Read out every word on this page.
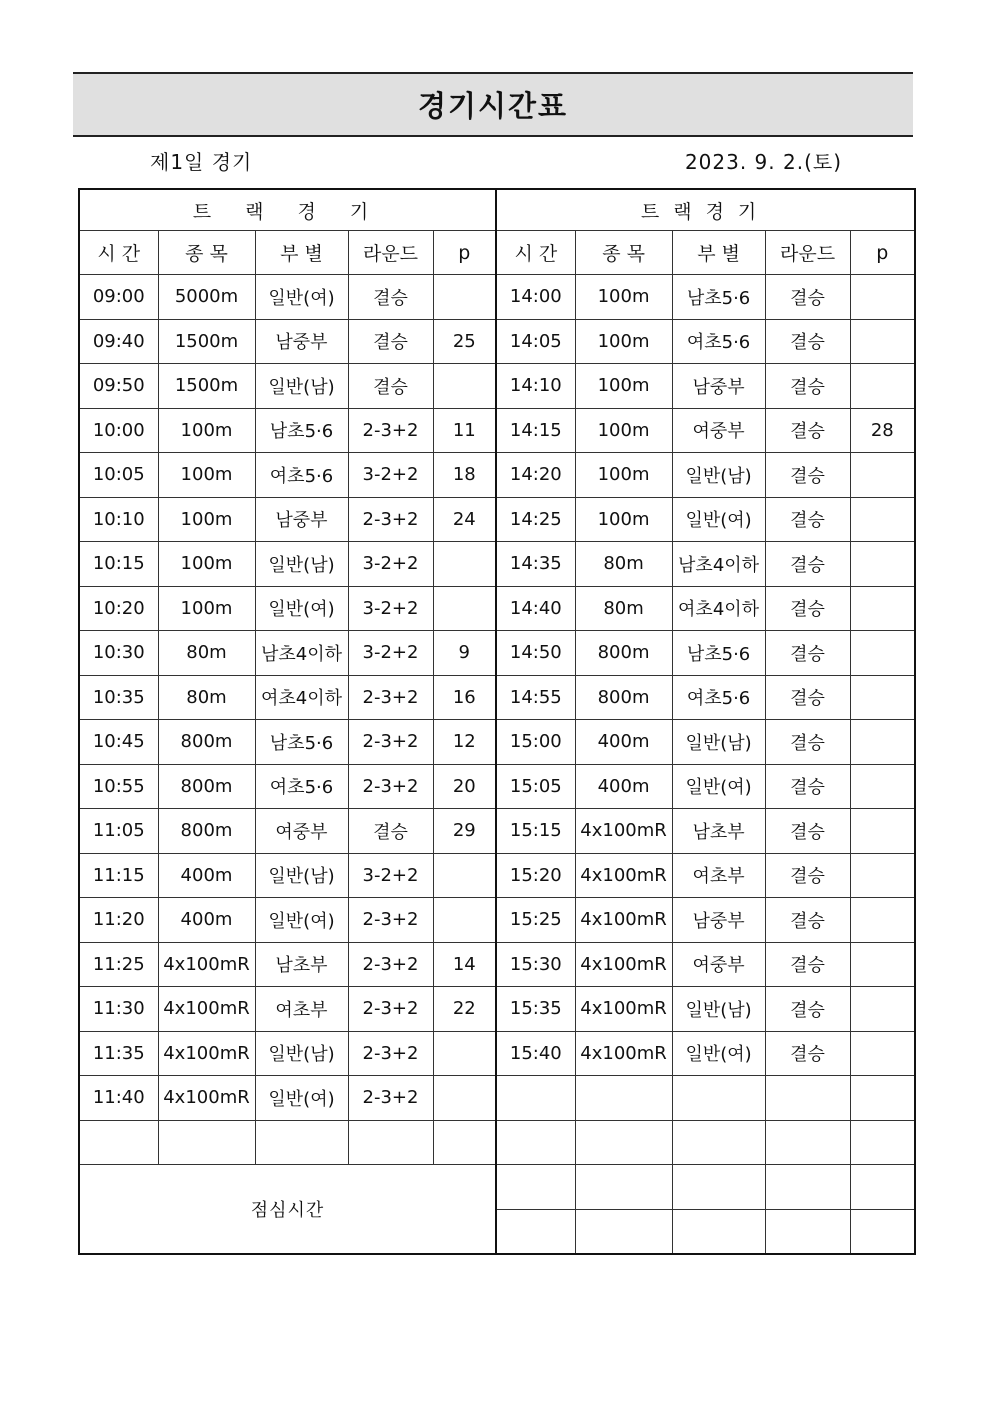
경기시간표
제1일 경기	2023. 9. 2.(토)
트 랙 경 기					트랙경기				
시 간	종 목	부 별	라운드	p	시 간	종 목	부 별	라운드	p
09:00	5000m	일반(여)	결승		14:00	100m	남초5·6	결승	
09:40	1500m	남중부	결승	25	14:05	100m	여초5·6	결승	
09:50	1500m	일반(남)	결승		14:10	100m	남중부	결승	
10:00	100m	남초5·6	2-3+2	11	14:15	100m	여중부	결승	28
10:05	100m	여초5·6	3-2+2	18	14:20	100m	일반(남)	결승	
10:10	100m	남중부	2-3+2	24	14:25	100m	일반(여)	결승	
10:15	100m	일반(남)	3-2+2		14:35	80m	남초4이하	결승	
10:20	100m	일반(여)	3-2+2		14:40	80m	여초4이하	결승	
10:30	80m	남초4이하	3-2+2	9	14:50	800m	남초5·6	결승	
10:35	80m	여초4이하	2-3+2	16	14:55	800m	여초5·6	결승	
10:45	800m	남초5·6	2-3+2	12	15:00	400m	일반(남)	결승	
10:55	800m	여초5·6	2-3+2	20	15:05	400m	일반(여)	결승	
11:05	800m	여중부	결승	29	15:15	4x100mR	남초부	결승	
11:15	400m	일반(남)	3-2+2		15:20	4x100mR	여초부	결승	
11:20	400m	일반(여)	2-3+2		15:25	4x100mR	남중부	결승	
11:25	4x100mR	남초부	2-3+2	14	15:30	4x100mR	여중부	결승	
11:30	4x100mR	여초부	2-3+2	22	15:35	4x100mR	일반(남)	결승	
11:35	4x100mR	일반(남)	2-3+2		15:40	4x100mR	일반(여)	결승	
11:40	4x100mR	일반(여)	2-3+2						

점심시간									
